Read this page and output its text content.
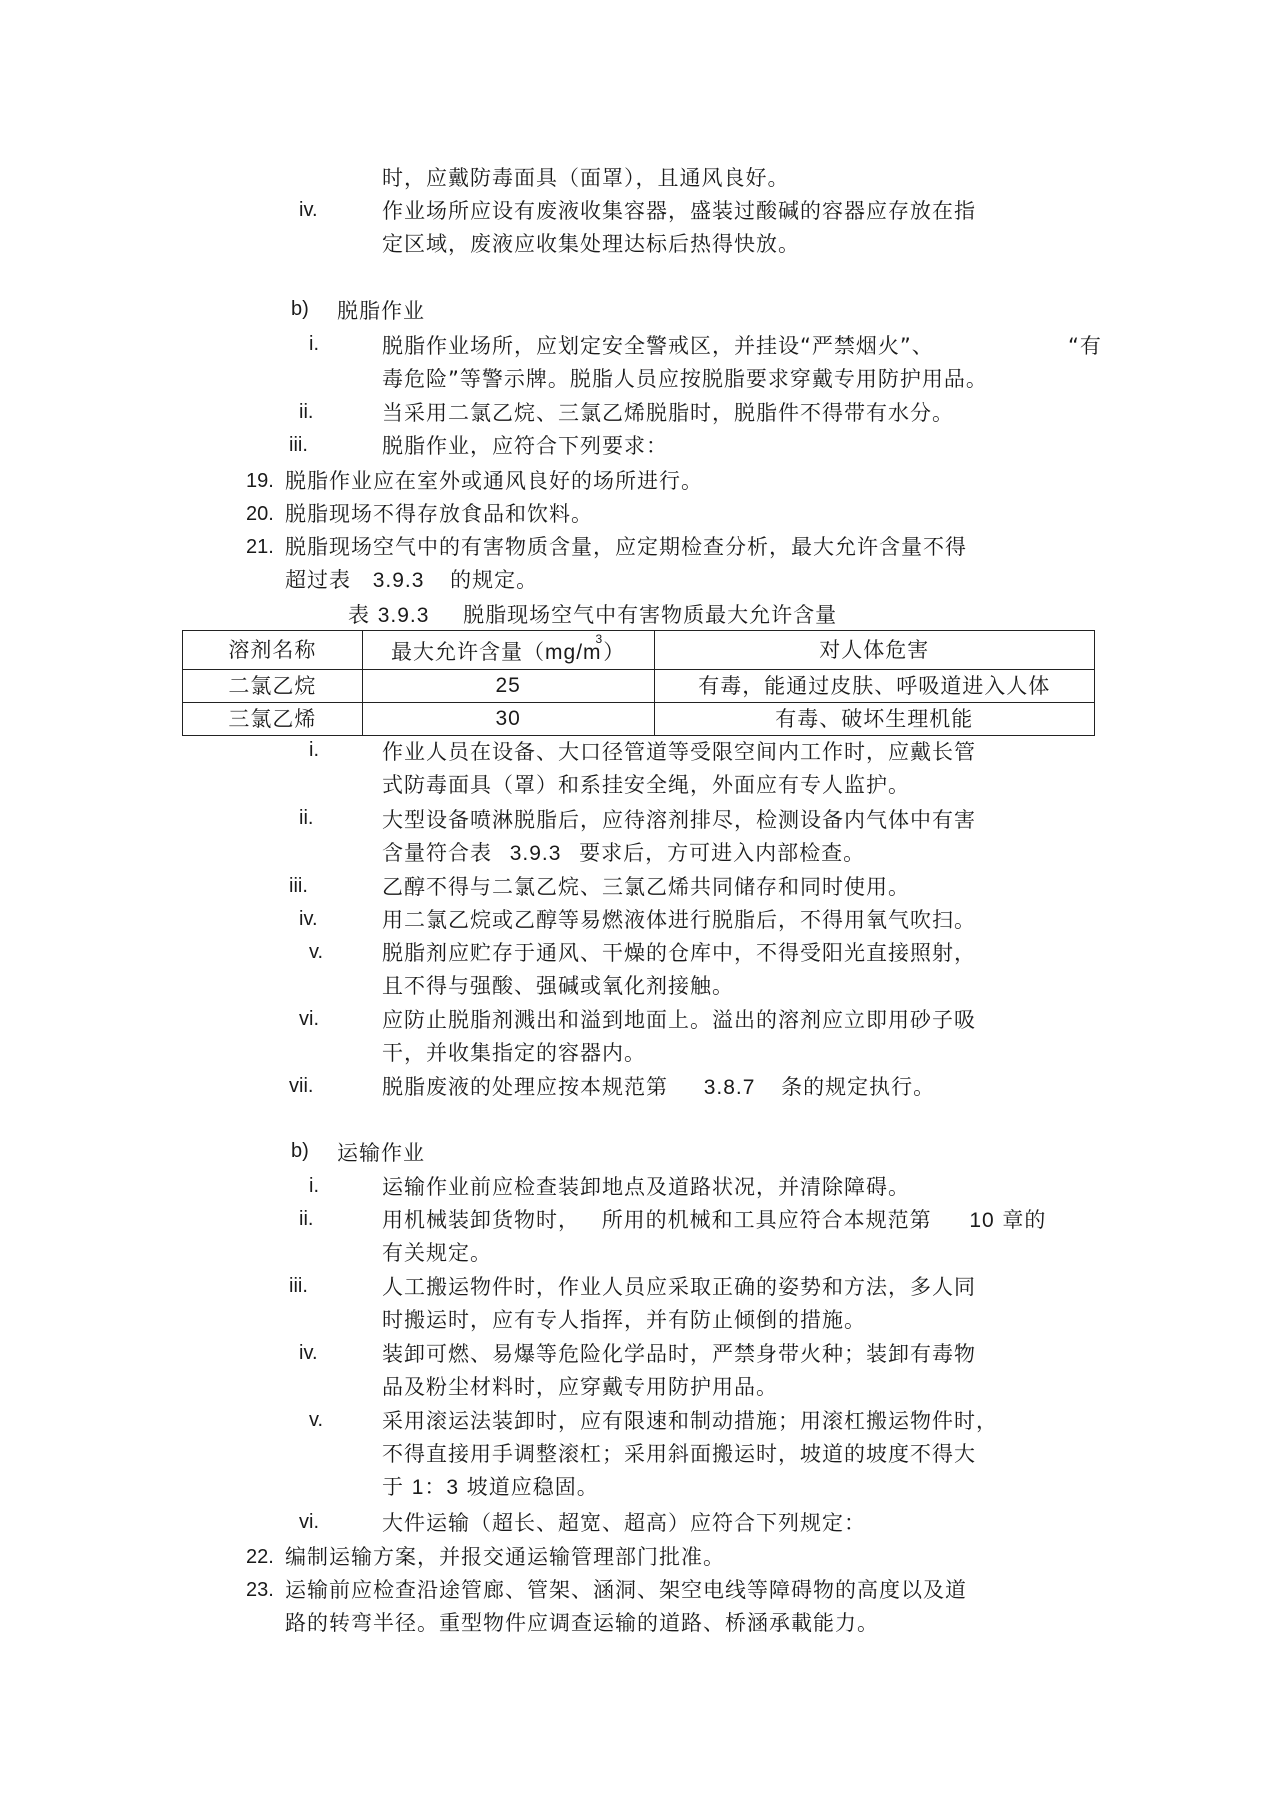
时，应戴防毒面具（面罩），且通风良好。
iv.	作业场所应设有废液收集容器，盛装过酸碱的容器应存放在指
定区域，废液应收集处理达标后热得快放。
b) 脱脂作业
i.	脱脂作业场所，应划定安全警戒区，并挂设“严禁烟火”、	“有
毒危险”等警示牌。脱脂人员应按脱脂要求穿戴专用防护用品。
ii.	当采用二氯乙烷、三氯乙烯脱脂时，脱脂件不得带有水分。
iii.	脱脂作业，应符合下列要求：
19. 脱脂作业应在室外或通风良好的场所进行。
20. 脱脂现场不得存放食品和饮料。
21. 脱脂现场空气中的有害物质含量，应定期检查分析，最大允许含量不得
超过表 3.9.3 的规定。
表 3.9.3 脱脂现场空气中有害物质最大允许含量
溶剂名称	最大允许含量$(mg/m^3)$	对人体危害
二氯乙烷	25	有毒，能通过皮肤、呼吸道进入人体
三氯乙烯	30	有毒、破坏生理机能
i.	作业人员在设备、大口径管道等受限空间内工作时，应戴长管
式防毒面具（罩）和系挂安全绳，外面应有专人监护。
ii.	大型设备喷淋脱脂后，应待溶剂排尽，检测设备内气体中有害
含量符合表 3.9.3 要求后，方可进入内部检查。
iii.	乙醇不得与二氯乙烷、三氯乙烯共同储存和同时使用。
iv.	用二氯乙烷或乙醇等易燃液体进行脱脂后，不得用氧气吹扫。
v.	脱脂剂应贮存于通风、干燥的仓库中，不得受阳光直接照射，
且不得与强酸、强碱或氧化剂接触。
vi.	应防止脱脂剂溅出和溢到地面上。溢出的溶剂应立即用砂子吸
干，并收集指定的容器内。
vii.	脱脂废液的处理应按本规范第 3.8.7 条的规定执行。
b) 运输作业
i.	运输作业前应检查装卸地点及道路状况，并清除障碍。
ii.	用机械装卸货物时， 所用的机械和工具应符合本规范第 10 章的
有关规定。
iii.	人工搬运物件时，作业人员应采取正确的姿势和方法，多人同
时搬运时，应有专人指挥，并有防止倾倒的措施。
iv.	装卸可燃、易爆等危险化学品时，严禁身带火种；装卸有毒物
品及粉尘材料时，应穿戴专用防护用品。
v.	采用滚运法装卸时，应有限速和制动措施；用滚杠搬运物件时，
不得直接用手调整滚杠；采用斜面搬运时，坡道的坡度不得大
于 1：3 坡道应稳固。
vi.	大件运输（超长、超宽、超高）应符合下列规定：
22. 编制运输方案，并报交通运输管理部门批准。
23. 运输前应检查沿途管廊、管架、涵洞、架空电线等障碍物的高度以及道
路的转弯半径。重型物件应调查运输的道路、桥涵承載能力。
